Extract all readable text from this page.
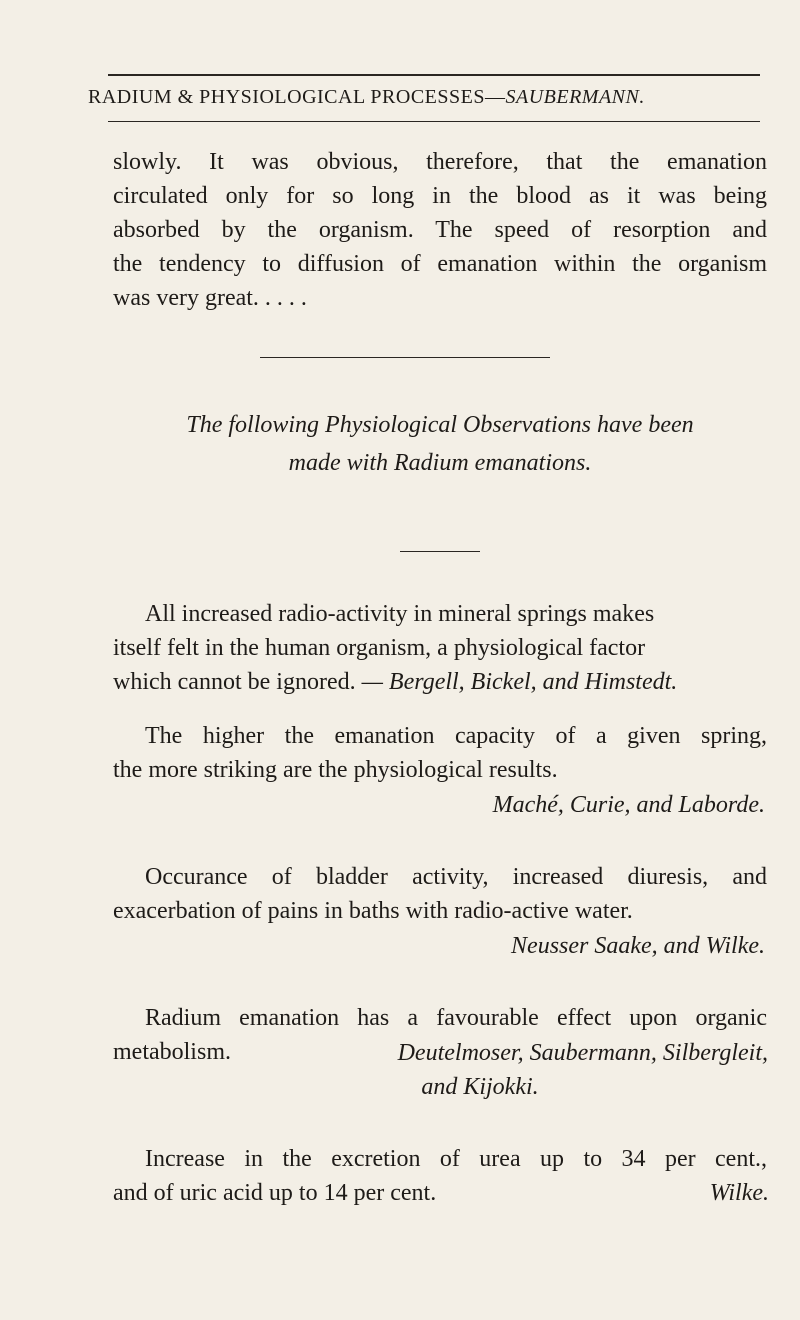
RADIUM & PHYSIOLOGICAL PROCESSES—SAUBERMANN.
slowly. It was obvious, therefore, that the emanation
circulated only for so long in the blood as it was being
absorbed by the organism. The speed of resorption and
the tendency to diffusion of emanation within the organism
was very great. . . . .
The following Physiological Observations have been
made with Radium emanations.
All increased radio-activity in mineral springs makes
itself felt in the human organism, a physiological factor
which cannot be ignored. — Bergell, Bickel, and Himstedt.
The higher the emanation capacity of a given spring,
the more striking are the physiological results.
Maché, Curie, and Laborde.
Occurance of bladder activity, increased diuresis, and
exacerbation of pains in baths with radio-active water.
Neusser Saake, and Wilke.
Radium emanation has a favourable effect upon organic
metabolism.	Deutelmoser, Saubermann, Silbergleit,
and Kijokki.
Increase in the excretion of urea up to 34 per cent.,
and of uric acid up to 14 per cent.	Wilke.
